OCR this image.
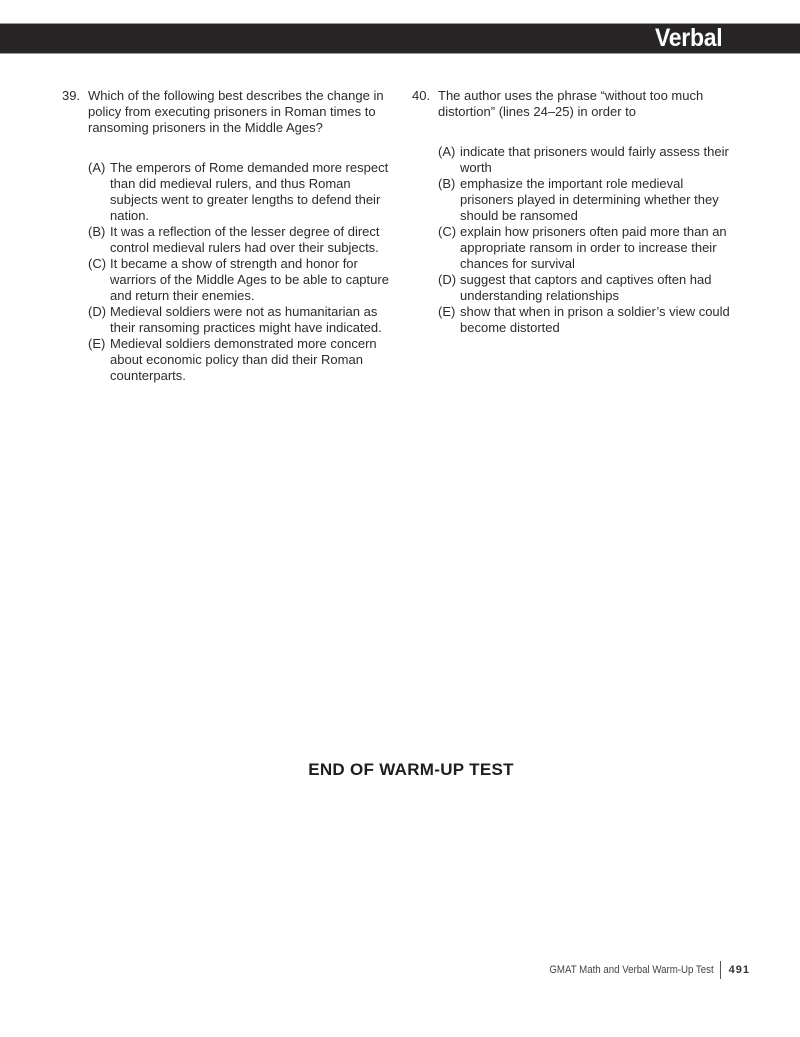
Verbal
39. Which of the following best describes the change in policy from executing prisoners in Roman times to ransoming prisoners in the Middle Ages?
(A) The emperors of Rome demanded more respect than did medieval rulers, and thus Roman subjects went to greater lengths to defend their nation.
(B) It was a reflection of the lesser degree of direct control medieval rulers had over their subjects.
(C) It became a show of strength and honor for warriors of the Middle Ages to be able to capture and return their enemies.
(D) Medieval soldiers were not as humanitarian as their ransoming practices might have indicated.
(E) Medieval soldiers demonstrated more concern about economic policy than did their Roman counterparts.
40. The author uses the phrase “without too much distortion” (lines 24–25) in order to
(A) indicate that prisoners would fairly assess their worth
(B) emphasize the important role medieval prisoners played in determining whether they should be ransomed
(C) explain how prisoners often paid more than an appropriate ransom in order to increase their chances for survival
(D) suggest that captors and captives often had understanding relationships
(E) show that when in prison a soldier’s view could become distorted
END OF WARM-UP TEST
GMAT Math and Verbal Warm-Up Test 491
